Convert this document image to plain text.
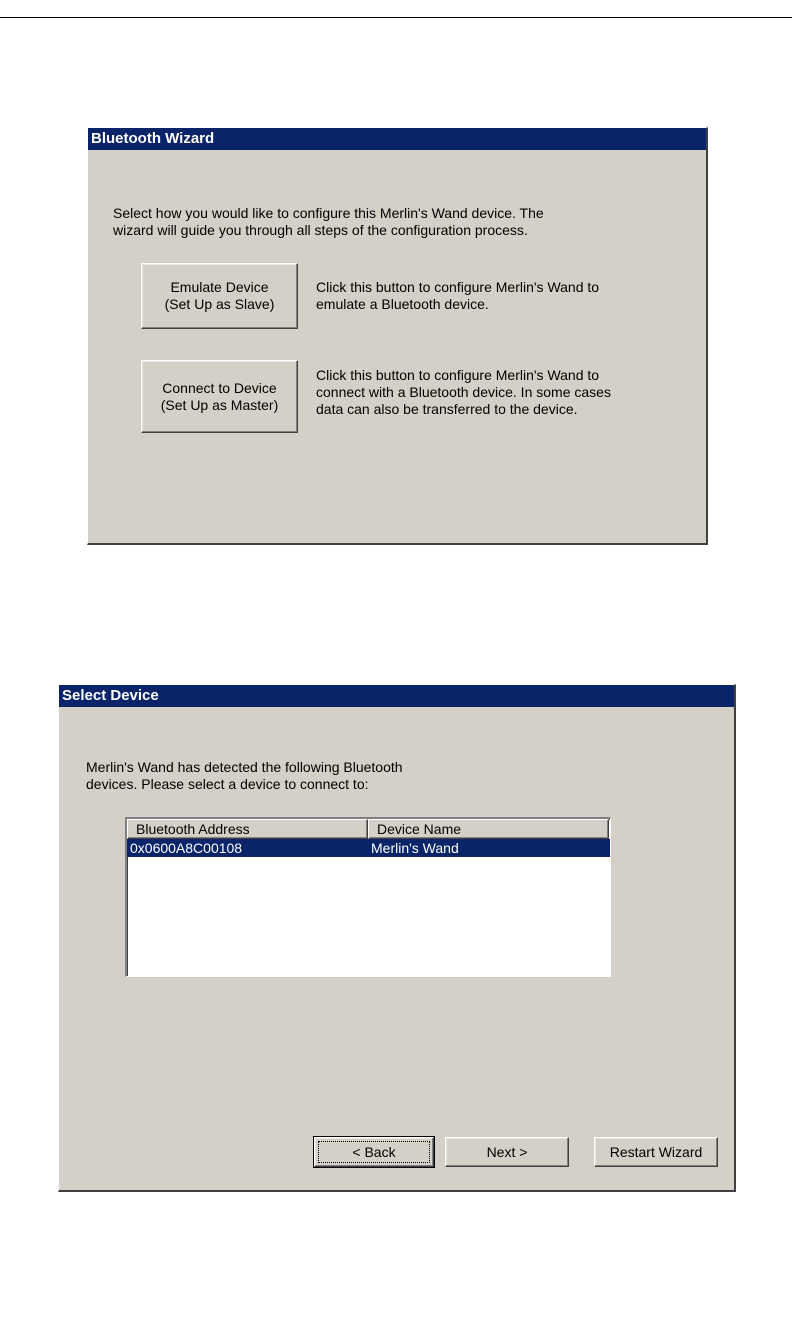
Bluetooth Wizard
Select how you would like to configure this Merlin's Wand device. The
wizard will guide you through all steps of the configuration process.
Emulate Device
(Set Up as Slave)
Click this button to configure Merlin's Wand to
emulate a Bluetooth device.
Connect to Device
(Set Up as Master)
Click this button to configure Merlin's Wand to
connect with a Bluetooth device. In some cases
data can also be transferred to the device.
Select Device
Merlin's Wand has detected the following Bluetooth
devices. Please select a device to connect to:
Bluetooth Address	Device Name
0x0600A8C00108	Merlin's Wand
< Back	Next >	Restart Wizard
